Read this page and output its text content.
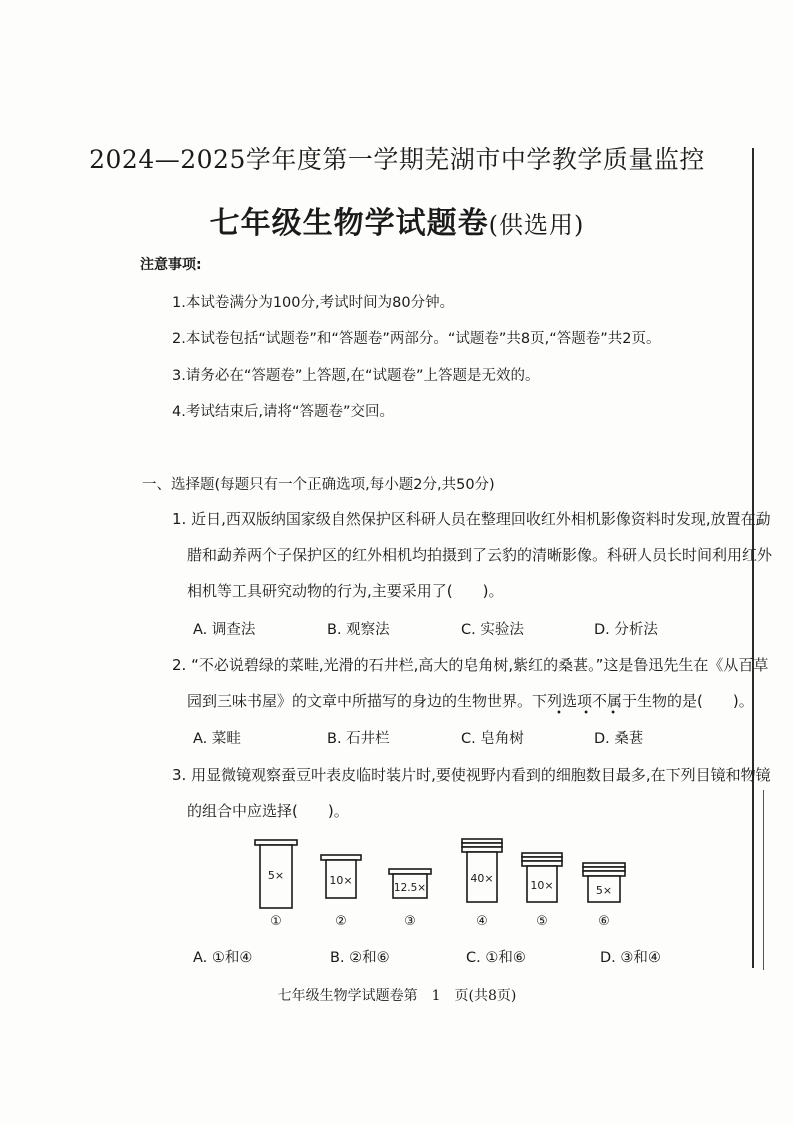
2024—2025学年度第一学期芜湖市中学教学质量监控
七年级生物学试题卷(供选用)
注意事项:
1.本试卷满分为100分,考试时间为80分钟。
2.本试卷包括“试题卷”和“答题卷”两部分。“试题卷”共8页,“答题卷”共2页。
3.请务必在“答题卷”上答题,在“试题卷”上答题是无效的。
4.考试结束后,请将“答题卷”交回。
一、选择题(每题只有一个正确选项,每小题2分,共50分)
1. 近日,西双版纳国家级自然保护区科研人员在整理回收红外相机影像资料时发现,放置在勐
腊和勐养两个子保护区的红外相机均拍摄到了云豹的清晰影像。科研人员长时间利用红外
相机等工具研究动物的行为,主要采用了(　　)。
A. 调查法	B. 观察法	C. 实验法	D. 分析法
2. “不必说碧绿的菜畦,光滑的石井栏,高大的皂角树,紫红的桑葚。”这是鲁迅先生在《从百草
园到三味书屋》的文章中所描写的身边的生物世界。下列选项不属于生物的是(　　)。
• • •
A. 菜畦	B. 石井栏	C. 皂角树	D. 桑葚
3. 用显微镜观察蚕豆叶表皮临时装片时,要使视野内看到的细胞数目最多,在下列目镜和物镜
的组合中应选择(　　)。
5×	10×
12.5×
40×
10×	5×
①	②	③	④	⑤	⑥
A. ①和④	B. ②和⑥	C. ①和⑥	D. ③和④
七年级生物学试题卷第　1　页(共8页)
